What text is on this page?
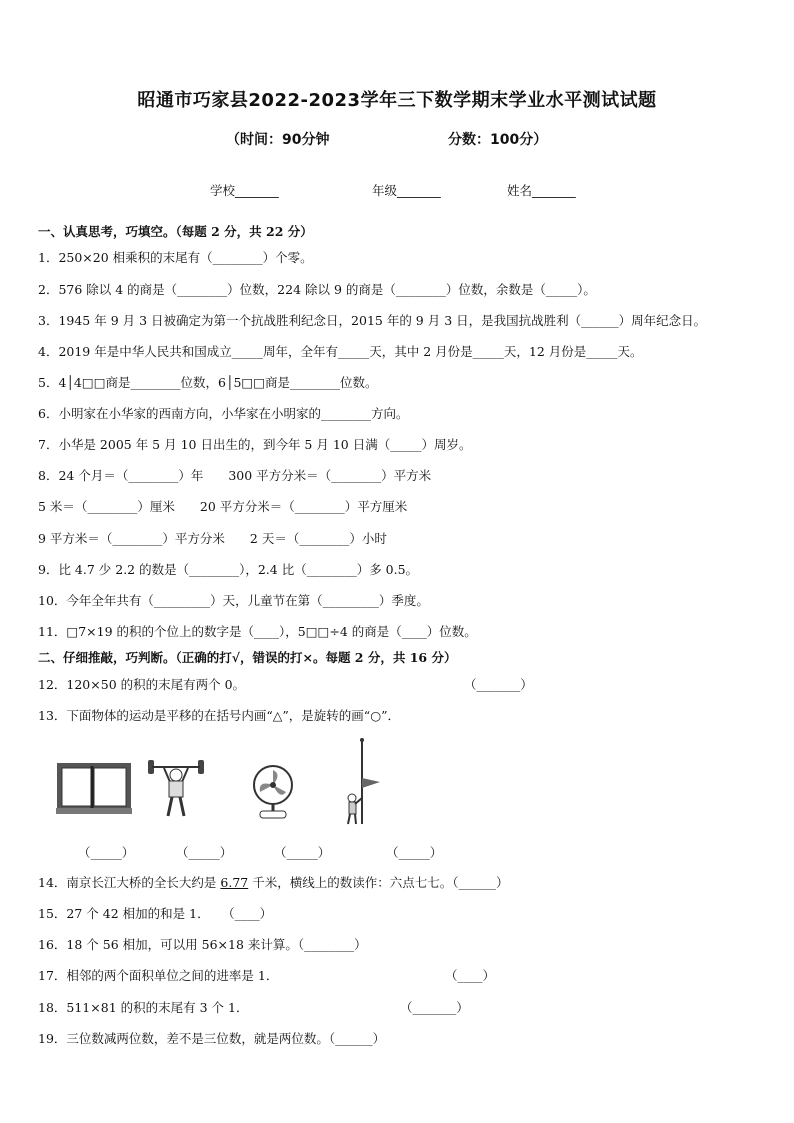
昭通市巧家县2022-2023学年三下数学期末学业水平测试试题
（时间：90分钟	分数：100分）
学校_______	年级_______	姓名_______
一、认真思考，巧填空。（每题 2 分，共 22 分）
1．250×20 相乘积的末尾有（________）个零。
2．576 除以 4 的商是（________）位数，224 除以 9 的商是（________）位数，余数是（_____）。
3．1945 年 9 月 3 日被确定为第一个抗战胜利纪念日，2015 年的 9 月 3 日，是我国抗战胜利（______）周年纪念日。
4．2019 年是中华人民共和国成立_____周年，全年有_____天，其中 2 月份是_____天，12 月份是_____天。
5．4│4□□商是________位数，6│5□□商是________位数。
6．小明家在小华家的西南方向，小华家在小明家的________方向。
7．小华是 2005 年 5 月 10 日出生的，到今年 5 月 10 日满（_____）周岁。
8．24 个月＝（________）年　　300 平方分米＝（________）平方米
5 米＝（________）厘米　　20 平方分米＝（________）平方厘米
9 平方米＝（________）平方分米　　2 天＝（________）小时
9．比 4.7 少 2.2 的数是（________），2.4 比（________）多 0.5。
10．今年全年共有（_________）天，儿童节在第（_________）季度。
11．□7×19 的积的个位上的数字是（____），5□□÷4 的商是（____）位数。
二、仔细推敲，巧判断。（正确的打√，错误的打×。每题 2 分，共 16 分）
12．120×50 的积的末尾有两个 0。	（_______）
13．下面物体的运动是平移的在括号内画“△”，是旋转的画“○”．
（_____）	（_____）	（_____）	（_____）
14．南京长江大桥的全长大约是 6.77 千米，横线上的数读作：六点七七。（______）
15．27 个 42 相加的和是 1．　　（____）
16．18 个 56 相加，可以用 56×18 来计算。（________）
17．相邻的两个面积单位之间的进率是 1．	（____）
18．511×81 的积的末尾有 3 个 1．	（_______）
19．三位数减两位数，差不是三位数，就是两位数。（______）
